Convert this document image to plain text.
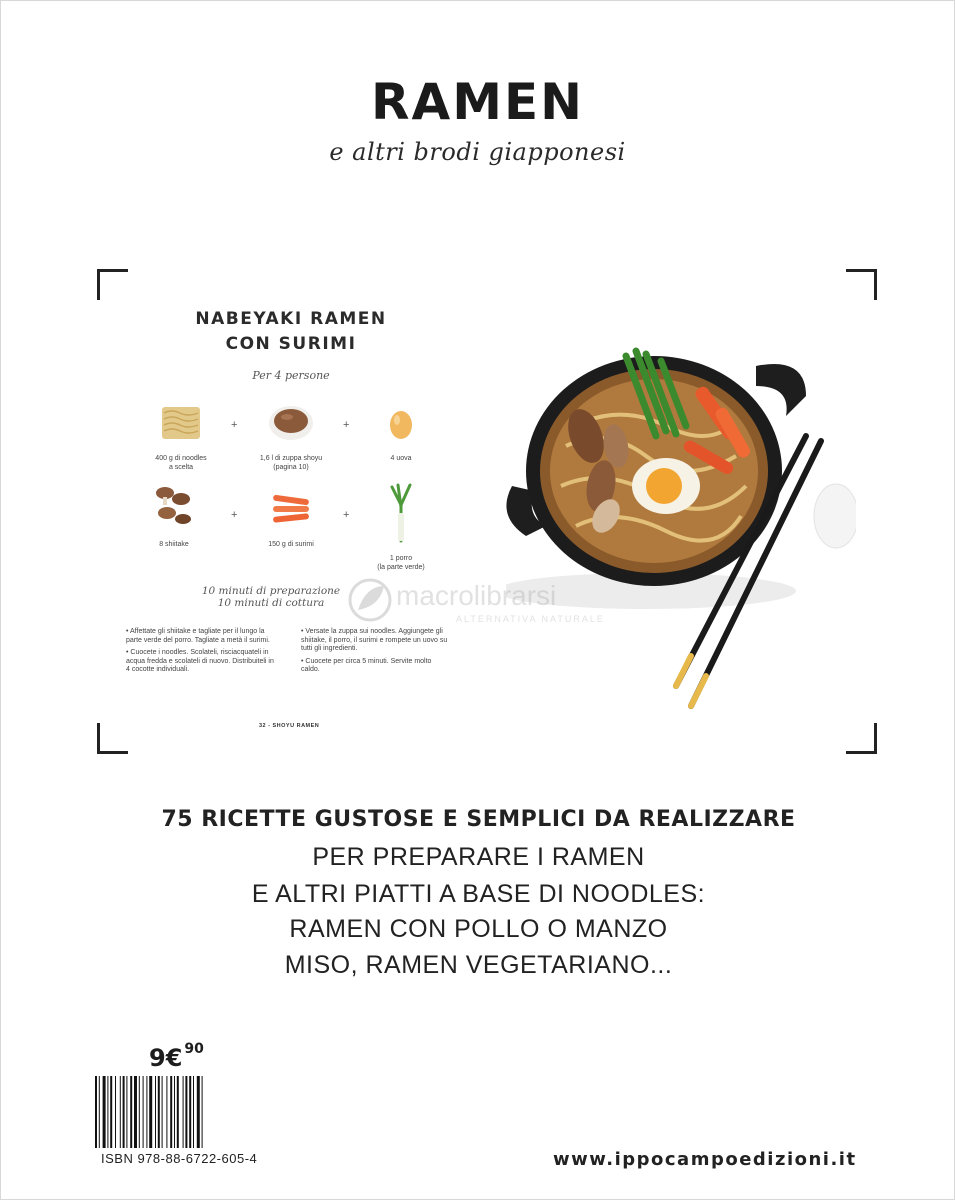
RAMEN
e altri brodi giapponesi
NABEYAKI RAMEN
CON SURIMI
Per 4 persone
400 g di noodles
a scelta
+
1,6 l di zuppa shoyu
(pagina 10)
+
4 uova
8 shiitake
+
150 g di surimi
+
1 porro
(la parte verde)
10 minuti di preparazione
10 minuti di cottura

• Affettate gli shiitake e tagliate per il lungo la parte verde del porro. Tagliate a metà il surimi.

• Cuocete i noodles. Scolateli, risciacquateli in acqua fredda e scolateli di nuovo. Distribuiteli in 4 cocotte individuali.

• Versate la zuppa sui noodles. Aggiungete gli shiitake, il porro, il surimi e rompete un uovo su tutti gli ingredienti.

• Cuocete per circa 5 minuti. Servite molto caldo.

32 - SHOYU RAMEN
macrolibrarsi
ALTERNATIVA NATURALE
75 RICETTE GUSTOSE E SEMPLICI DA REALIZZARE
PER PREPARARE I RAMEN
E ALTRI PIATTI A BASE DI NOODLES:
RAMEN CON POLLO O MANZO
MISO, RAMEN VEGETARIANO...
9€ $^{90}$
ISBN 978-88-6722-605-4	www.ippocampoedizioni.it
